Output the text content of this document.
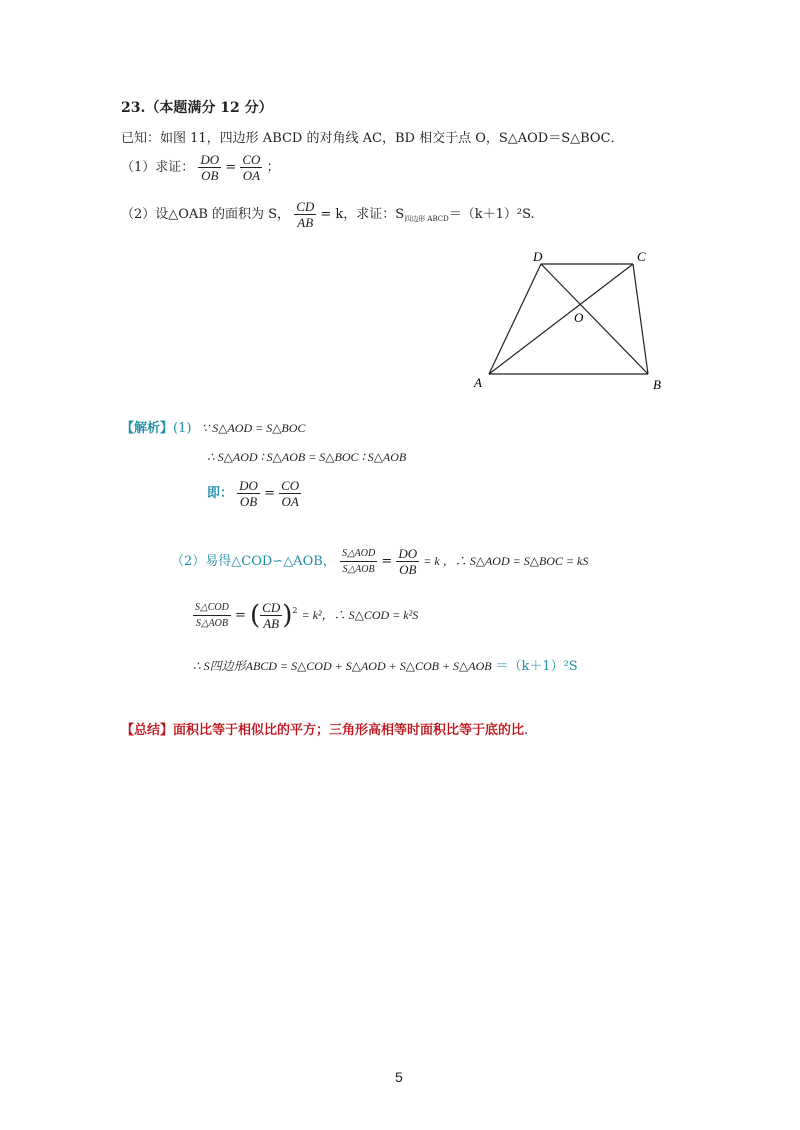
23.（本题满分 12 分）
已知：如图 11，四边形 ABCD 的对角线 AC，BD 相交于点 O，S△AOD＝S△BOC．
（1）求证： $\frac{DO}{OB} = \frac{CO}{OA}$ ；
（2）设△OAB 的面积为 S， $\frac{CD}{AB} = k$，求证：$S_{四边形 ABCD}=(k+1)^2S$.
D	C
O
A	B
【解析】(1) ∵ S△AOD = S△BOC
∴ S△AOD ∶ S△AOB = S△BOC ∶ S△AOB
即： $\frac{DO}{OB} = \frac{CO}{OA}$
（2）易得△COD∽△AOB， $\frac{\text{S△AOD}}{\text{S△AOB}} = \frac{DO}{OB} = k$ ，∴ S△AOD = S△BOC = kS
$\frac{\text{S△COD}}{\text{S△AOB}}$ = ( $\frac{CD}{AB} )^2 = k^2$，∴ S△COD = k²S
∴ S四边形ABCD = S△COD + S△AOD + S△COB + S△AOB ＝（k＋1）²S
【总结】面积比等于相似比的平方；三角形高相等时面积比等于底的比.
5
